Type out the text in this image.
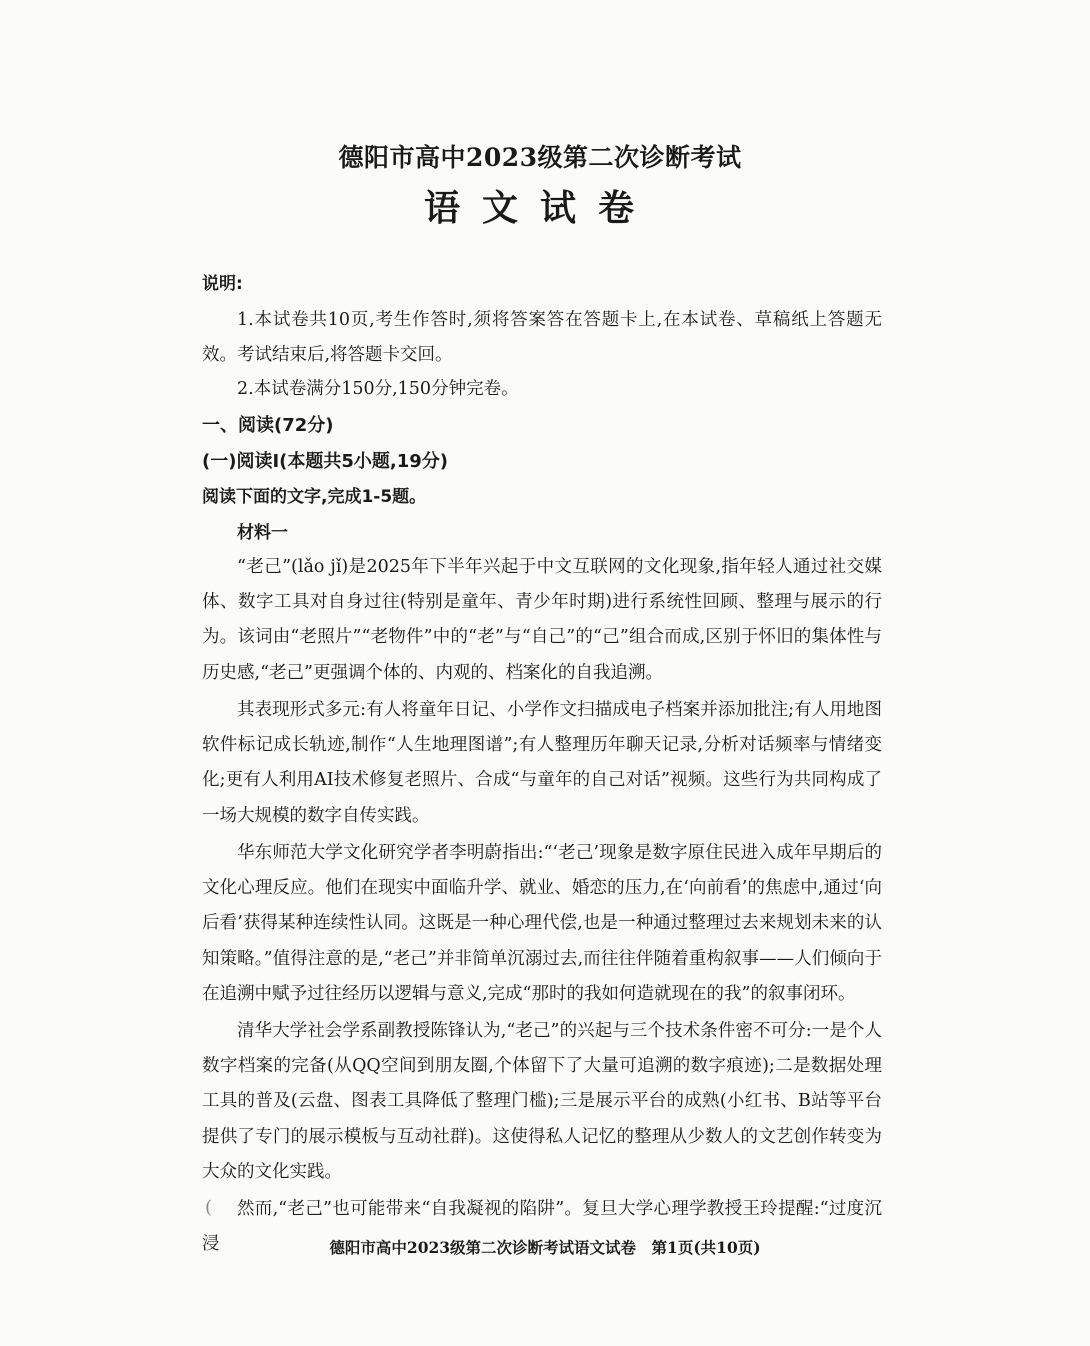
德阳市高中2023级第二次诊断考试
语文试卷

说明:

1.本试卷共10页,考生作答时,须将答案答在答题卡上,在本试卷、草稿纸上答题无效。考试结束后,将答题卡交回。

2.本试卷满分150分,150分钟完卷。

一、阅读(72分)

(一)阅读Ⅰ(本题共5小题,19分)

阅读下面的文字,完成1-5题。

材料一

“老己”(lǎo jǐ)是2025年下半年兴起于中文互联网的文化现象,指年轻人通过社交媒体、数字工具对自身过往(特别是童年、青少年时期)进行系统性回顾、整理与展示的行为。该词由“老照片”“老物件”中的“老”与“自己”的“己”组合而成,区别于怀旧的集体性与历史感,“老己”更强调个体的、内观的、档案化的自我追溯。

其表现形式多元:有人将童年日记、小学作文扫描成电子档案并添加批注;有人用地图软件标记成长轨迹,制作“人生地理图谱”;有人整理历年聊天记录,分析对话频率与情绪变化;更有人利用AI技术修复老照片、合成“与童年的自己对话”视频。这些行为共同构成了一场大规模的数字自传实践。

华东师范大学文化研究学者李明蔚指出:“‘老己’现象是数字原住民进入成年早期后的文化心理反应。他们在现实中面临升学、就业、婚恋的压力,在‘向前看’的焦虑中,通过‘向后看’获得某种连续性认同。这既是一种心理代偿,也是一种通过整理过去来规划未来的认知策略。”值得注意的是,“老己”并非简单沉溺过去,而往往伴随着重构叙事——人们倾向于在追溯中赋予过往经历以逻辑与意义,完成“那时的我如何造就现在的我”的叙事闭环。

清华大学社会学系副教授陈锋认为,“老己”的兴起与三个技术条件密不可分:一是个人数字档案的完备(从QQ空间到朋友圈,个体留下了大量可追溯的数字痕迹);二是数据处理工具的普及(云盘、图表工具降低了整理门槛);三是展示平台的成熟(小红书、B站等平台提供了专门的展示模板与互动社群)。这使得私人记忆的整理从少数人的文艺创作转变为大众的文化实践。

(	然而,“老己”也可能带来“自我凝视的陷阱”。复旦大学心理学教授王玲提醒:“过度沉浸	德阳市高中2023级第二次诊断考试语文试卷　第1页(共10页)
